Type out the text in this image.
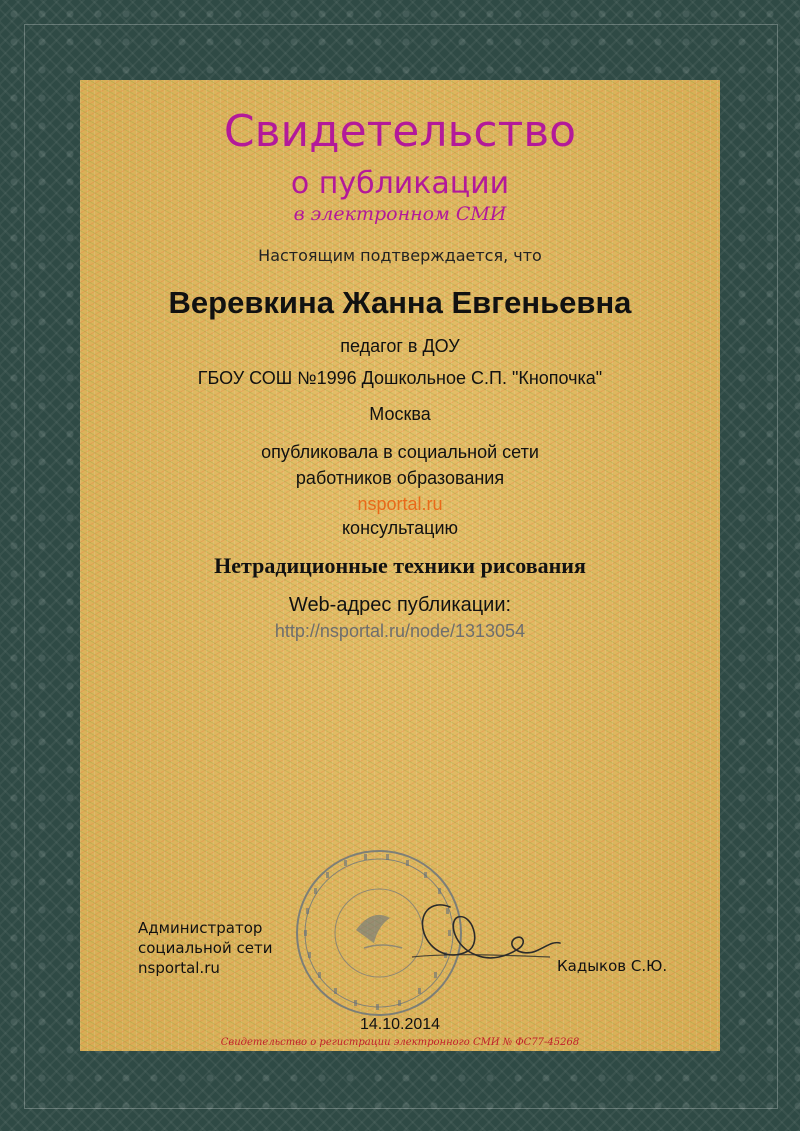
Свидетельство
о публикации
в электронном СМИ
Настоящим подтверждается, что
Веревкина Жанна Евгеньевна
педагог в ДОУ
ГБОУ СОШ №1996 Дошкольное С.П. "Кнопочка"
Москва
опубликовала в социальной сети
работников образования
nsportal.ru
консультацию
Нетрадиционные техники рисования
Web-адрес публикации:
http://nsportal.ru/node/1313054
Администратор
социальной сети
nsportal.ru	Кадыков С.Ю.
14.10.2014
Свидетельство о регистрации электронного СМИ № ФС77-45268
